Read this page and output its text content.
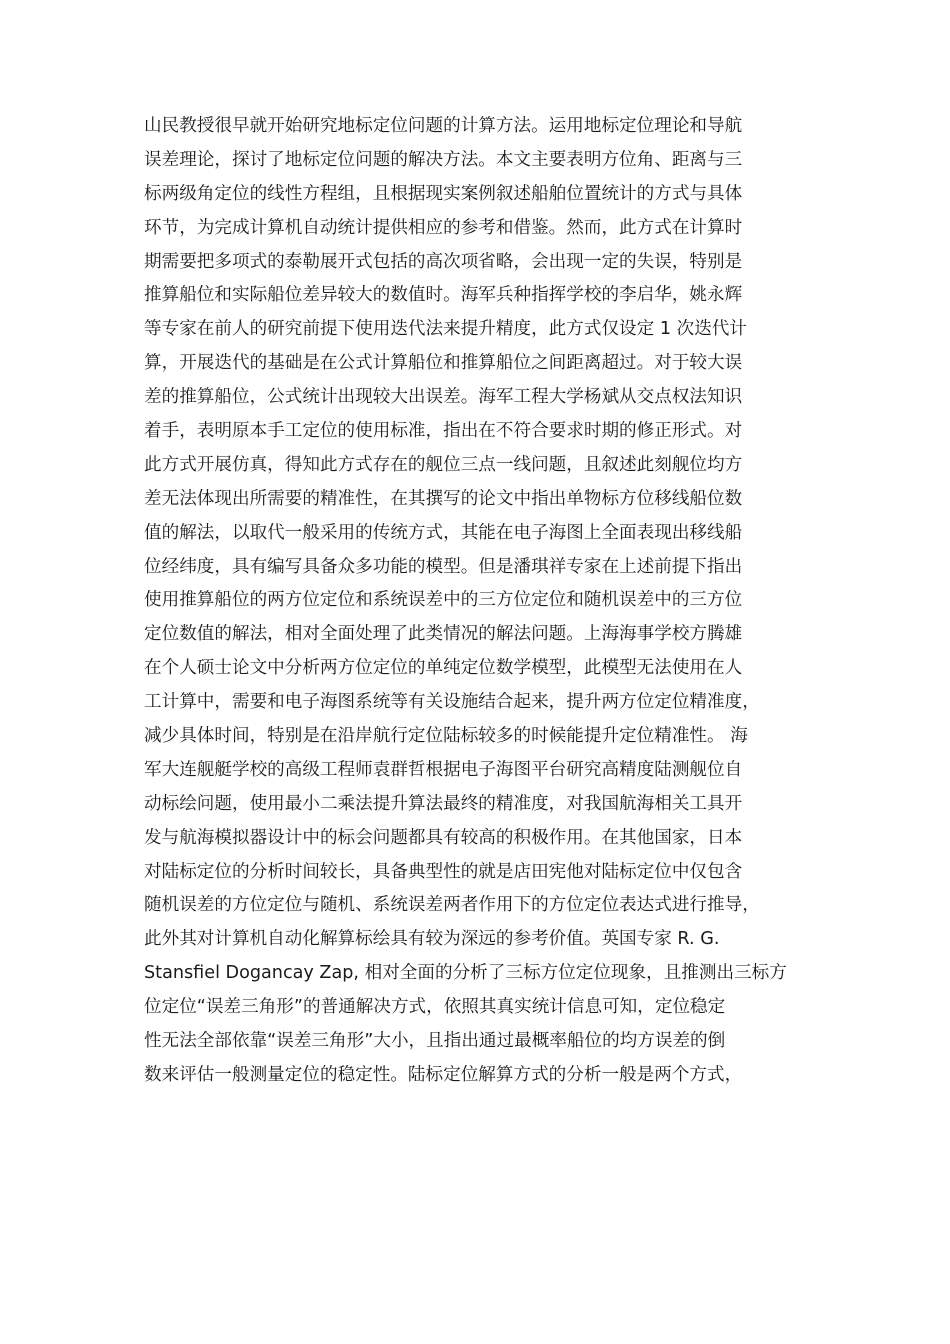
山民教授很早就开始研究地标定位问题的计算方法。运用地标定位理论和导航
误差理论，探讨了地标定位问题的解决方法。本文主要表明方位角、距离与三
标两级角定位的线性方程组，且根据现实案例叙述船舶位置统计的方式与具体
环节，为完成计算机自动统计提供相应的参考和借鉴。然而，此方式在计算时
期需要把多项式的泰勒展开式包括的高次项省略，会出现一定的失误，特别是
推算船位和实际船位差异较大的数值时。海军兵种指挥学校的李启华，姚永辉
等专家在前人的研究前提下使用迭代法来提升精度，此方式仅设定 1 次迭代计
算，开展迭代的基础是在公式计算船位和推算船位之间距离超过。对于较大误
差的推算船位，公式统计出现较大出误差。海军工程大学杨斌从交点权法知识
着手，表明原本手工定位的使用标准，指出在不符合要求时期的修正形式。对
此方式开展仿真，得知此方式存在的舰位三点一线问题，且叙述此刻舰位均方
差无法体现出所需要的精准性，在其撰写的论文中指出单物标方位移线船位数
值的解法，以取代一般采用的传统方式，其能在电子海图上全面表现出移线船
位经纬度，具有编写具备众多功能的模型。但是潘琪祥专家在上述前提下指出
使用推算船位的两方位定位和系统误差中的三方位定位和随机误差中的三方位
定位数值的解法，相对全面处理了此类情况的解法问题。上海海事学校方腾雄
在个人硕士论文中分析两方位定位的单纯定位数学模型，此模型无法使用在人
工计算中，需要和电子海图系统等有关设施结合起来，提升两方位定位精准度，
减少具体时间，特别是在沿岸航行定位陆标较多的时候能提升定位精准性。 海
军大连舰艇学校的高级工程师袁群哲根据电子海图平台研究高精度陆测舰位自
动标绘问题，使用最小二乘法提升算法最终的精准度，对我国航海相关工具开
发与航海模拟器设计中的标会问题都具有较高的积极作用。在其他国家，日本
对陆标定位的分析时间较长，具备典型性的就是店田宪他对陆标定位中仅包含
随机误差的方位定位与随机、系统误差两者作用下的方位定位表达式进行推导，
此外其对计算机自动化解算标绘具有较为深远的参考价值。英国专家 R. G.
Stansfiel Dogancay Zap, 相对全面的分析了三标方位定位现象，且推测出三标方
位定位“误差三角形”的普通解决方式，依照其真实统计信息可知，定位稳定
性无法全部依靠“误差三角形”大小，且指出通过最概率船位的均方误差的倒
数来评估一般测量定位的稳定性。陆标定位解算方式的分析一般是两个方式，
